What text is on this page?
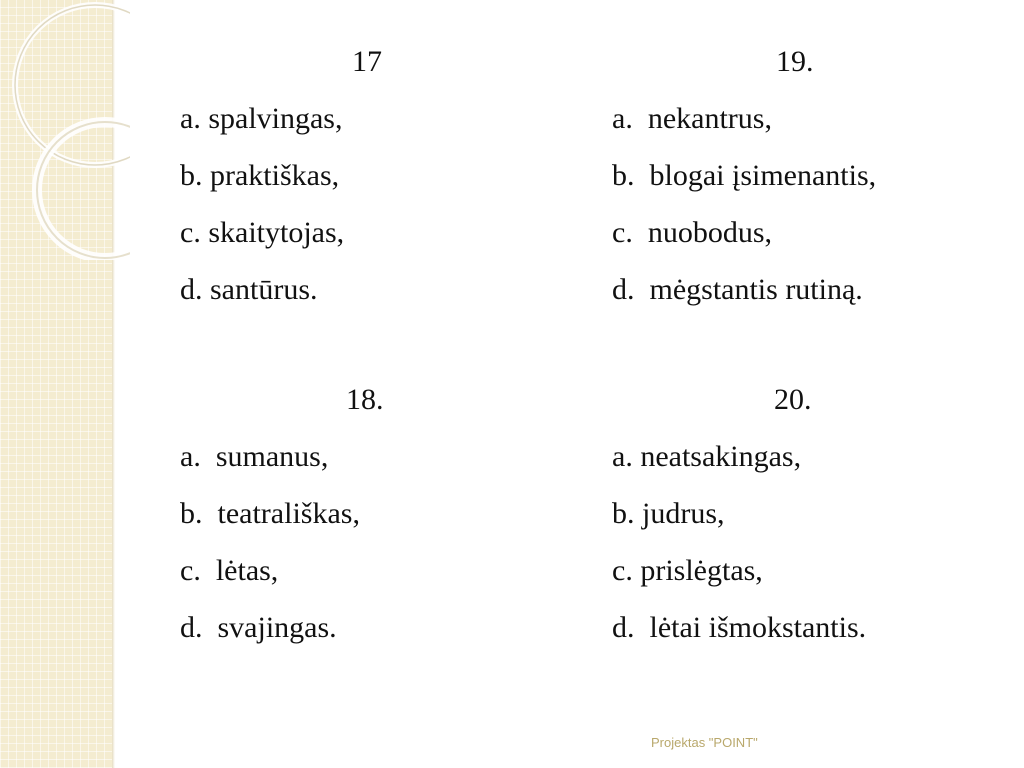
17
a. spalvingas,
b. praktiškas,
c. skaitytojas,
d. santūrus.
19.
a. nekantrus,
b. blogai įsimenantis,
c. nuobodus,
d. mėgstantis rutiną.
18.
a. sumanus,
b. teatrališkas,
c. lėtas,
d. svajingas.
20.
a. neatsakingas,
b. judrus,
c. prislėgtas,
d. lėtai išmokstantis.
Projektas "POINT"
